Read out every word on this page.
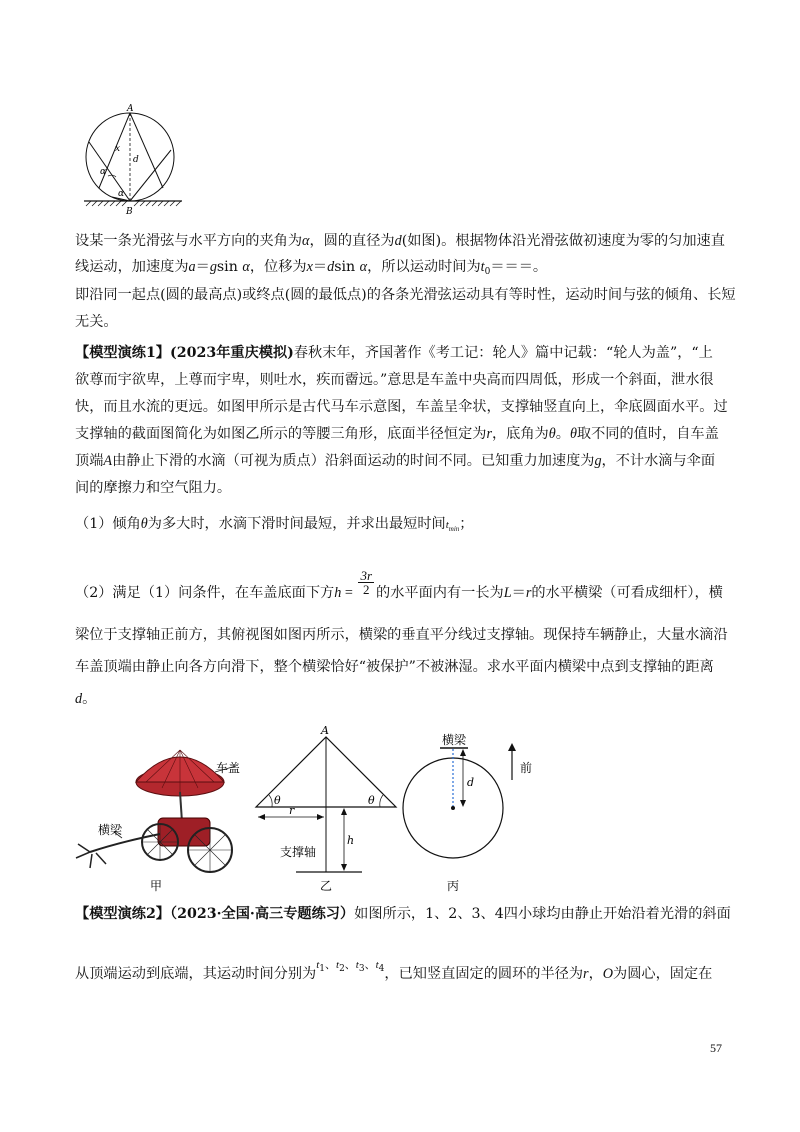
A
B
x
d
α
α

设某一条光滑弦与水平方向的夹角为α，圆的直径为d(如图)。根据物体沿光滑弦做初速度为零的匀加速直

线运动，加速度为a＝gsin α，位移为x＝dsin α，所以运动时间为$t_0===$。

即沿同一起点(圆的最高点)或终点(圆的最低点)的各条光滑弦运动具有等时性，运动时间与弦的倾角、长短

无关。

【模型演练1】(2023年重庆模拟)春秋末年，齐国著作《考工记：轮人》篇中记载：“轮人为盖”，“上

欲尊而宇欲卑，上尊而宇卑，则吐水，疾而霤远。”意思是车盖中央高而四周低，形成一个斜面，泄水很

快，而且水流的更远。如图甲所示是古代马车示意图，车盖呈伞状，支撑轴竖直向上，伞底圆面水平。过

支撑轴的截面图简化为如图乙所示的等腰三角形，底面半径恒定为r，底角为θ。θ取不同的值时，自车盖

顶端A由静止下滑的水滴（可视为质点）沿斜面运动的时间不同。已知重力加速度为g，不计水滴与伞面

间的摩擦力和空气阻力。

（1）倾角θ为多大时，水滴下滑时间最短，并求出最短时间$t_{min}$；

（2）满足（1）问条件，在车盖底面下方$h = \frac{3r}{2}$ 的水平面内有一长为L＝r的水平横梁（可看成细杆），横

梁位于支撑轴正前方，其俯视图如图丙所示，横梁的垂直平分线过支撑轴。现保持车辆静止，大量水滴沿

车盖顶端由静止向各方向滑下，整个横梁恰好“被保护”不被淋湿。求水平面内横梁中点到支撑轴的距离

d。

车盖
横梁
甲
A
θ	θ
r
h
支撑轴
乙
横梁
d
前
丙

【模型演练2】（2023·全国·高三专题练习）如图所示，1、2、3、4四小球均由静止开始沿着光滑的斜面

从顶端运动到底端，其运动时间分别为$t_1$、$t_2$、$t_3$、$t_4$，已知竖直固定的圆环的半径为r，O为圆心，固定在

57
